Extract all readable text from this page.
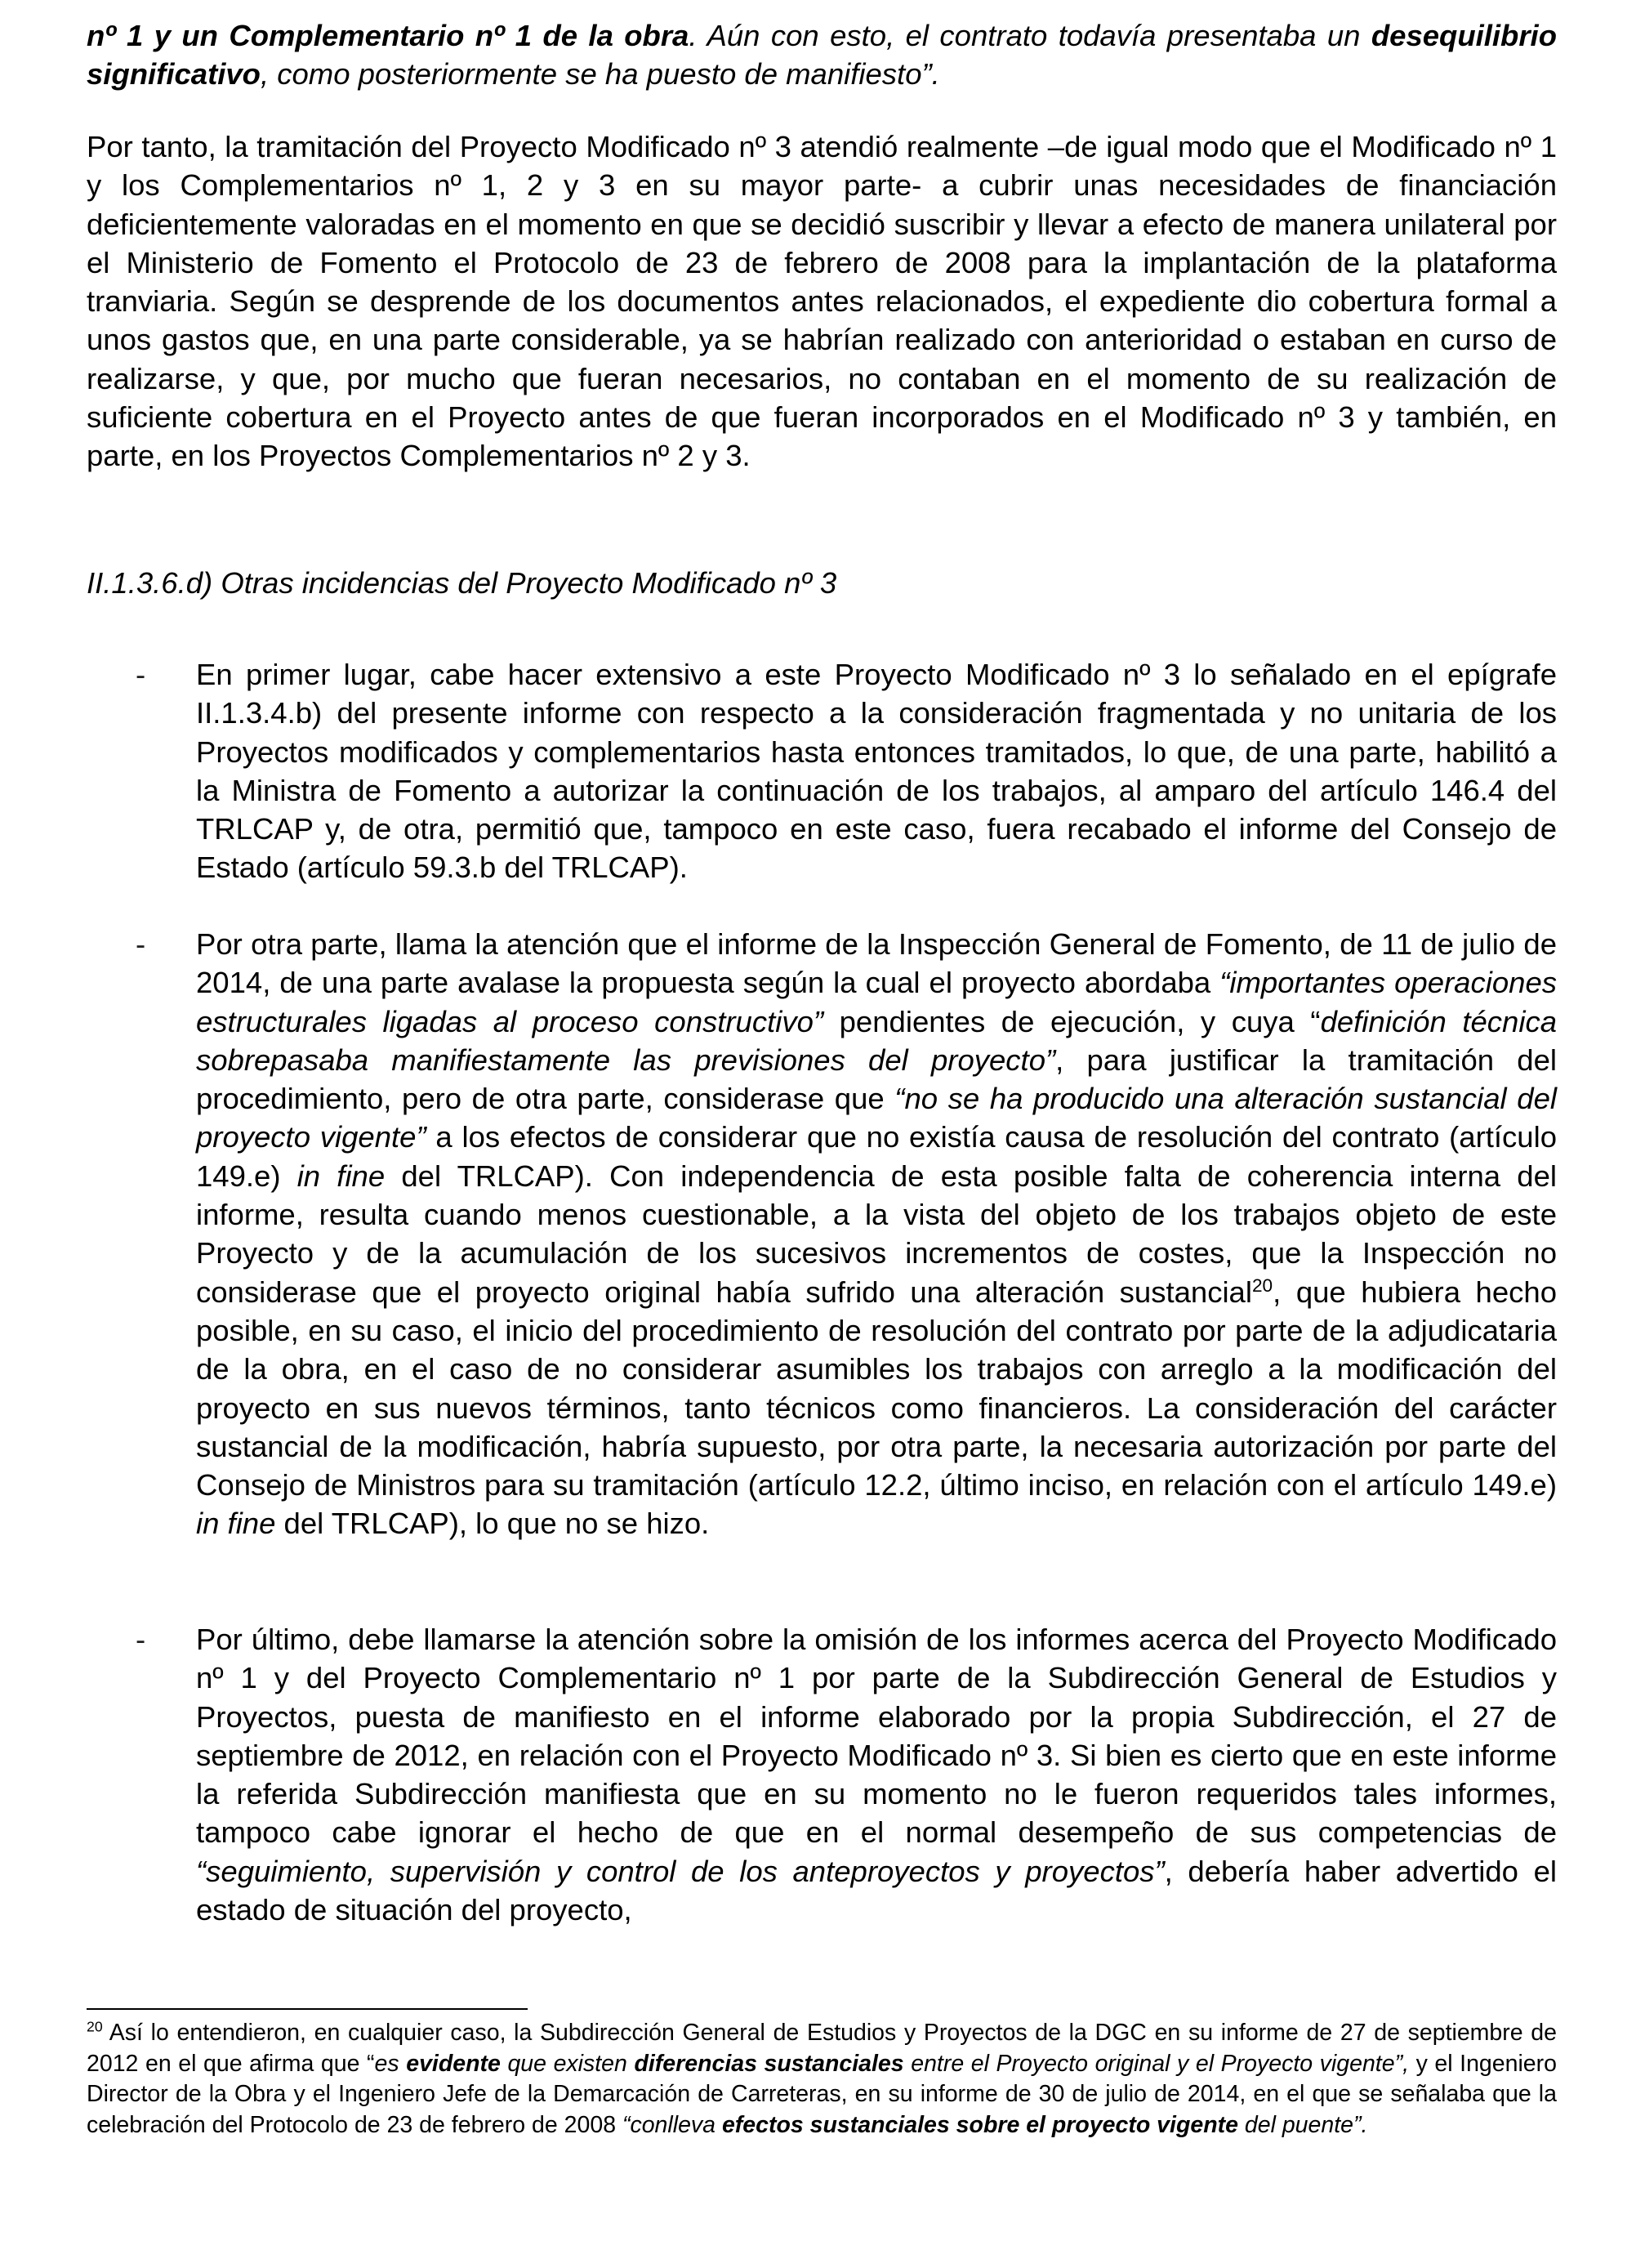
nº 1 y un Complementario nº 1 de la obra. Aún con esto, el contrato todavía presentaba un desequilibrio significativo, como posteriormente se ha puesto de manifiesto”.

Por tanto, la tramitación del Proyecto Modificado nº 3 atendió realmente –de igual modo que el Modificado nº 1 y los Complementarios nº 1, 2 y 3 en su mayor parte- a cubrir unas necesidades de financiación deficientemente valoradas en el momento en que se decidió suscribir y llevar a efecto de manera unilateral por el Ministerio de Fomento el Protocolo de 23 de febrero de 2008 para la implantación de la plataforma tranviaria. Según se desprende de los documentos antes relacionados, el expediente dio cobertura formal a unos gastos que, en una parte considerable, ya se habrían realizado con anterioridad o estaban en curso de realizarse, y que, por mucho que fueran necesarios, no contaban en el momento de su realización de suficiente cobertura en el Proyecto antes de que fueran incorporados en el Modificado nº 3 y también, en parte, en los Proyectos Complementarios nº 2 y 3.

II.1.3.6.d) Otras incidencias del Proyecto Modificado nº 3

- En primer lugar, cabe hacer extensivo a este Proyecto Modificado nº 3 lo señalado en el epígrafe II.1.3.4.b) del presente informe con respecto a la consideración fragmentada y no unitaria de los Proyectos modificados y complementarios hasta entonces tramitados, lo que, de una parte, habilitó a la Ministra de Fomento a autorizar la continuación de los trabajos, al amparo del artículo 146.4 del TRLCAP y, de otra, permitió que, tampoco en este caso, fuera recabado el informe del Consejo de Estado (artículo 59.3.b del TRLCAP).

- Por otra parte, llama la atención que el informe de la Inspección General de Fomento, de 11 de julio de 2014, de una parte avalase la propuesta según la cual el proyecto abordaba “importantes operaciones estructurales ligadas al proceso constructivo” pendientes de ejecución, y cuya “definición técnica sobrepasaba manifiestamente las previsiones del proyecto”, para justificar la tramitación del procedimiento, pero de otra parte, considerase que “no se ha producido una alteración sustancial del proyecto vigente” a los efectos de considerar que no existía causa de resolución del contrato (artículo 149.e) in fine del TRLCAP). Con independencia de esta posible falta de coherencia interna del informe, resulta cuando menos cuestionable, a la vista del objeto de los trabajos objeto de este Proyecto y de la acumulación de los sucesivos incrementos de costes, que la Inspección no considerase que el proyecto original había sufrido una alteración sustancial$^{20}$, que hubiera hecho posible, en su caso, el inicio del procedimiento de resolución del contrato por parte de la adjudicataria de la obra, en el caso de no considerar asumibles los trabajos con arreglo a la modificación del proyecto en sus nuevos términos, tanto técnicos como financieros. La consideración del carácter sustancial de la modificación, habría supuesto, por otra parte, la necesaria autorización por parte del Consejo de Ministros para su tramitación (artículo 12.2, último inciso, en relación con el artículo 149.e) in fine del TRLCAP), lo que no se hizo.

- Por último, debe llamarse la atención sobre la omisión de los informes acerca del Proyecto Modificado nº 1 y del Proyecto Complementario nº 1 por parte de la Subdirección General de Estudios y Proyectos, puesta de manifiesto en el informe elaborado por la propia Subdirección, el 27 de septiembre de 2012, en relación con el Proyecto Modificado nº 3. Si bien es cierto que en este informe la referida Subdirección manifiesta que en su momento no le fueron requeridos tales informes, tampoco cabe ignorar el hecho de que en el normal desempeño de sus competencias de “seguimiento, supervisión y control de los anteproyectos y proyectos”, debería haber advertido el estado de situación del proyecto,

$^{20}$ Así lo entendieron, en cualquier caso, la Subdirección General de Estudios y Proyectos de la DGC en su informe de 27 de septiembre de 2012 en el que afirma que “es evidente que existen diferencias sustanciales entre el Proyecto original y el Proyecto vigente”, y el Ingeniero Director de la Obra y el Ingeniero Jefe de la Demarcación de Carreteras, en su informe de 30 de julio de 2014, en el que se señalaba que la celebración del Protocolo de 23 de febrero de 2008 “conlleva efectos sustanciales sobre el proyecto vigente del puente”.
